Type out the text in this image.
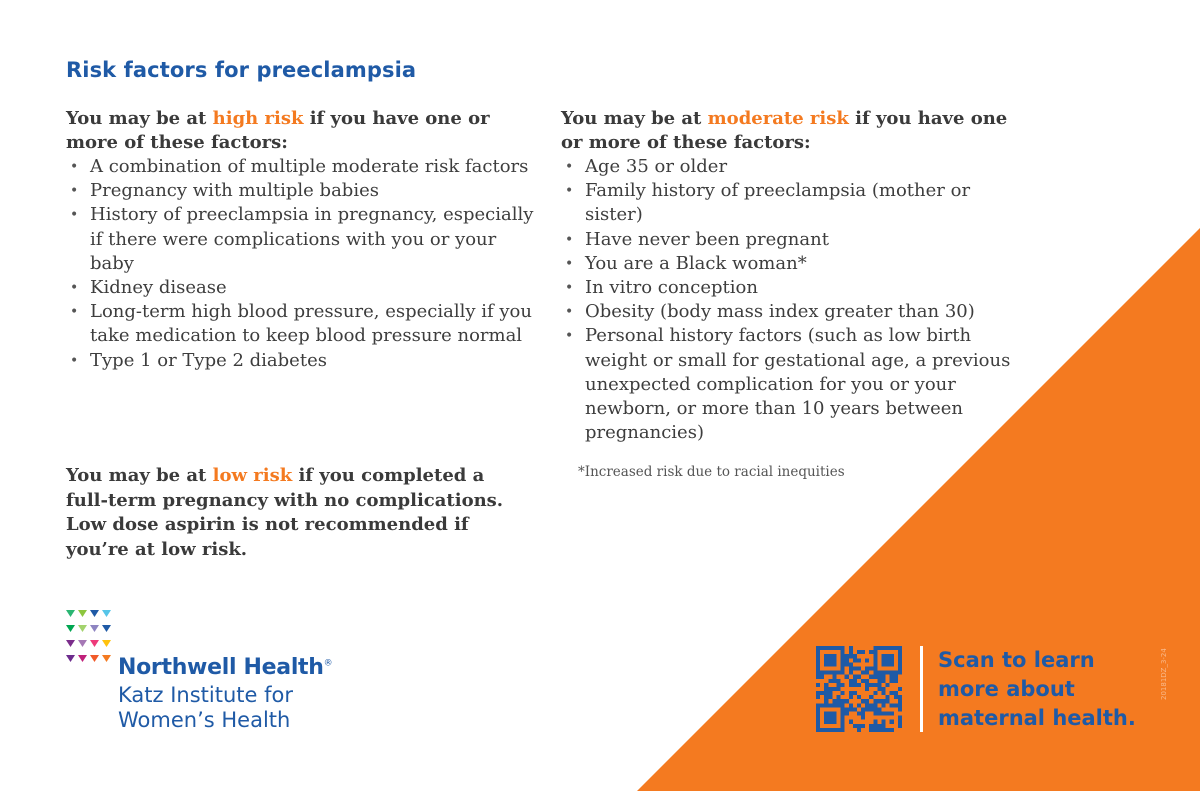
Risk factors for preeclampsia

You may be at high risk if you have one or more of these factors:

• A combination of multiple moderate risk factors
• Pregnancy with multiple babies
• History of preeclampsia in pregnancy, especially if there were complications with you or your baby
• Kidney disease
• Long-term high blood pressure, especially if you take medication to keep blood pressure normal
• Type 1 or Type 2 diabetes

You may be at moderate risk if you have one or more of these factors:

• Age 35 or older
• Family history of preeclampsia (mother or sister)
• Have never been pregnant
• You are a Black woman*
• In vitro conception
• Obesity (body mass index greater than 30)
• Personal history factors (such as low birth weight or small for gestational age, a previous unexpected complication for you or your newborn, or more than 10 years between pregnancies)
*Increased risk due to racial inequities

You may be at low risk if you completed a full-term pregnancy with no complications. Low dose aspirin is not recommended if you’re at low risk.

Northwell Health®
Katz Institute for
Women’s Health
Scan to learn
more about
maternal health.
20181DZ_3-24
